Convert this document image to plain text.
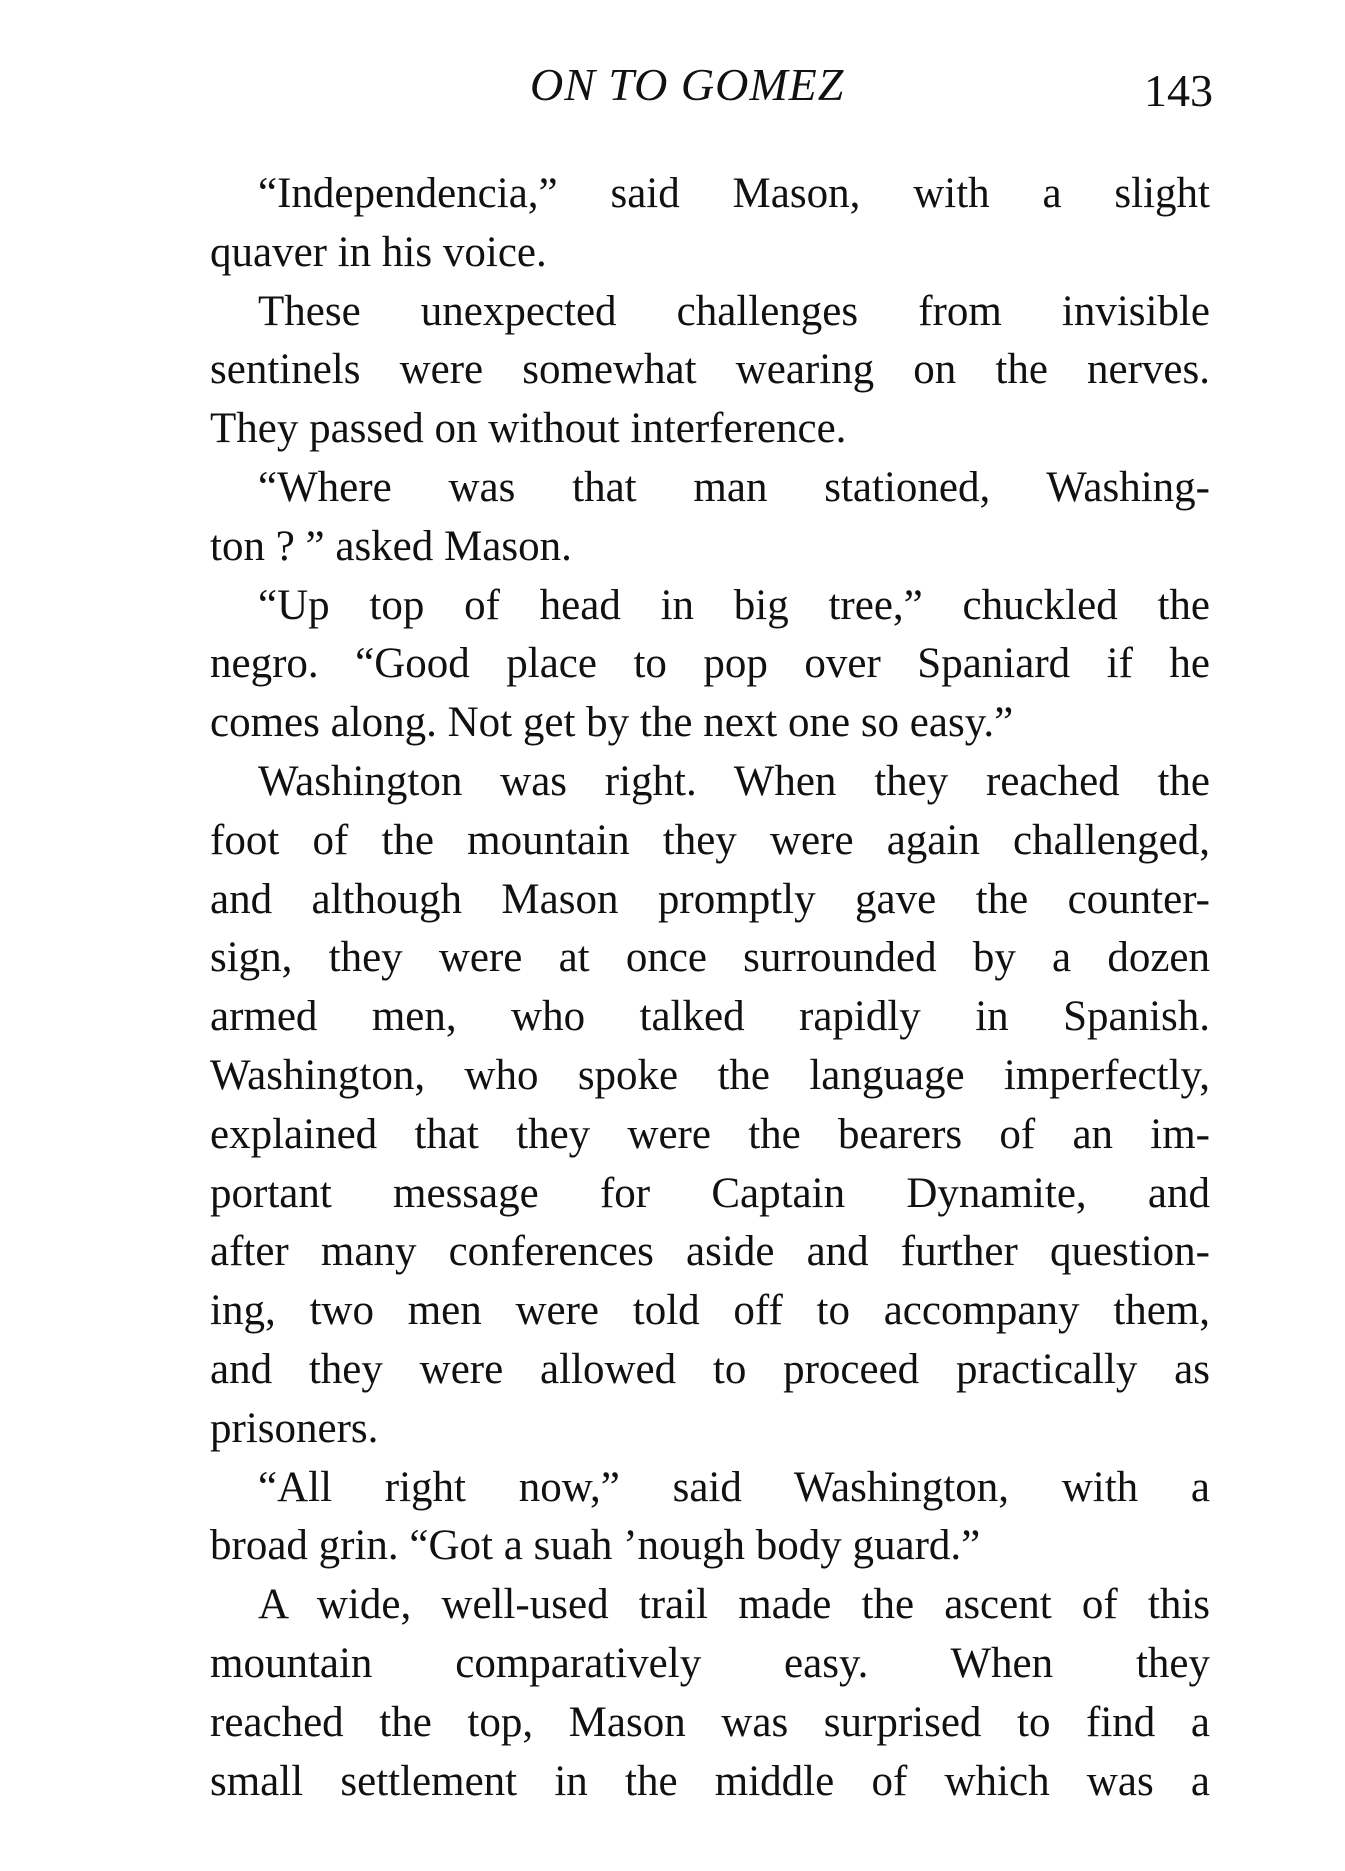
ON TO GOMEZ	143
“Independencia,” said Mason, with a slight
quaver in his voice.
These unexpected challenges from invisible
sentinels were somewhat wearing on the nerves.
They passed on without interference.
“Where was that man stationed, Washing-
ton ? ” asked Mason.
“Up top of head in big tree,” chuckled the
negro. “Good place to pop over Spaniard if he
comes along. Not get by the next one so easy.”
Washington was right. When they reached the
foot of the mountain they were again challenged,
and although Mason promptly gave the counter-
sign, they were at once surrounded by a dozen
armed men, who talked rapidly in Spanish.
Washington, who spoke the language imperfectly,
explained that they were the bearers of an im-
portant message for Captain Dynamite, and
after many conferences aside and further question-
ing, two men were told off to accompany them,
and they were allowed to proceed practically as
prisoners.
“All right now,” said Washington, with a
broad grin. “Got a suah ’nough body guard.”
A wide, well-used trail made the ascent of this
mountain comparatively easy. When they
reached the top, Mason was surprised to find a
small settlement in the middle of which was a
